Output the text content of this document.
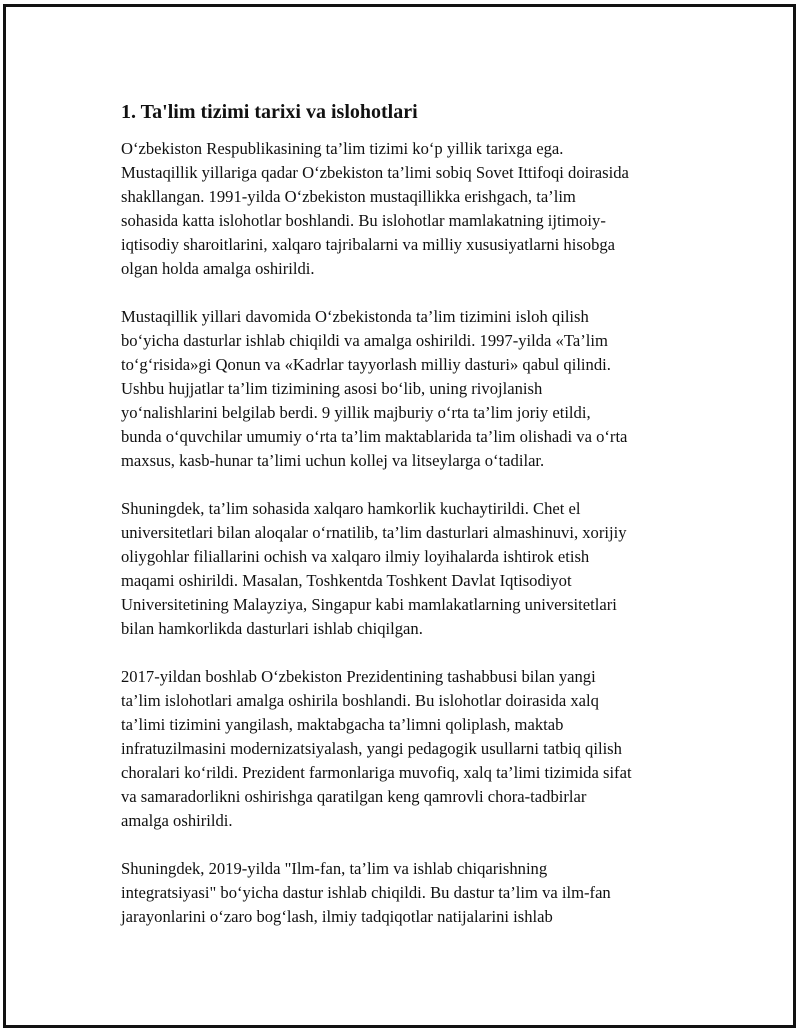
1. Ta'lim tizimi tarixi va islohotlari

O‘zbekiston Respublikasining ta’lim tizimi ko‘p yillik tarixga ega.
Mustaqillik yillariga qadar O‘zbekiston ta’limi sobiq Sovet Ittifoqi doirasida
shakllangan. 1991-yilda O‘zbekiston mustaqillikka erishgach, ta’lim
sohasida katta islohotlar boshlandi. Bu islohotlar mamlakatning ijtimoiy-
iqtisodiy sharoitlarini, xalqaro tajribalarni va milliy xususiyatlarni hisobga
olgan holda amalga oshirildi.

Mustaqillik yillari davomida O‘zbekistonda ta’lim tizimini isloh qilish
bo‘yicha dasturlar ishlab chiqildi va amalga oshirildi. 1997-yilda «Ta’lim
to‘g‘risida»gi Qonun va «Kadrlar tayyorlash milliy dasturi» qabul qilindi.
Ushbu hujjatlar ta’lim tizimining asosi bo‘lib, uning rivojlanish
yo‘nalishlarini belgilab berdi. 9 yillik majburiy o‘rta ta’lim joriy etildi,
bunda o‘quvchilar umumiy o‘rta ta’lim maktablarida ta’lim olishadi va o‘rta
maxsus, kasb-hunar ta’limi uchun kollej va litseylarga o‘tadilar.

Shuningdek, ta’lim sohasida xalqaro hamkorlik kuchaytirildi. Chet el
universitetlari bilan aloqalar o‘rnatilib, ta’lim dasturlari almashinuvi, xorijiy
oliygohlar filiallarini ochish va xalqaro ilmiy loyihalarda ishtirok etish
maqami oshirildi. Masalan, Toshkentda Toshkent Davlat Iqtisodiyot
Universitetining Malayziya, Singapur kabi mamlakatlarning universitetlari
bilan hamkorlikda dasturlari ishlab chiqilgan.

2017-yildan boshlab O‘zbekiston Prezidentining tashabbusi bilan yangi
ta’lim islohotlari amalga oshirila boshlandi. Bu islohotlar doirasida xalq
ta’limi tizimini yangilash, maktabgacha ta’limni qoliplash, maktab
infratuzilmasini modernizatsiyalash, yangi pedagogik usullarni tatbiq qilish
choralari ko‘rildi. Prezident farmonlariga muvofiq, xalq ta’limi tizimida sifat
va samaradorlikni oshirishga qaratilgan keng qamrovli chora-tadbirlar
amalga oshirildi.

Shuningdek, 2019-yilda "Ilm-fan, ta’lim va ishlab chiqarishning
integratsiyasi" bo‘yicha dastur ishlab chiqildi. Bu dastur ta’lim va ilm-fan
jarayonlarini o‘zaro bog‘lash, ilmiy tadqiqotlar natijalarini ishlab
